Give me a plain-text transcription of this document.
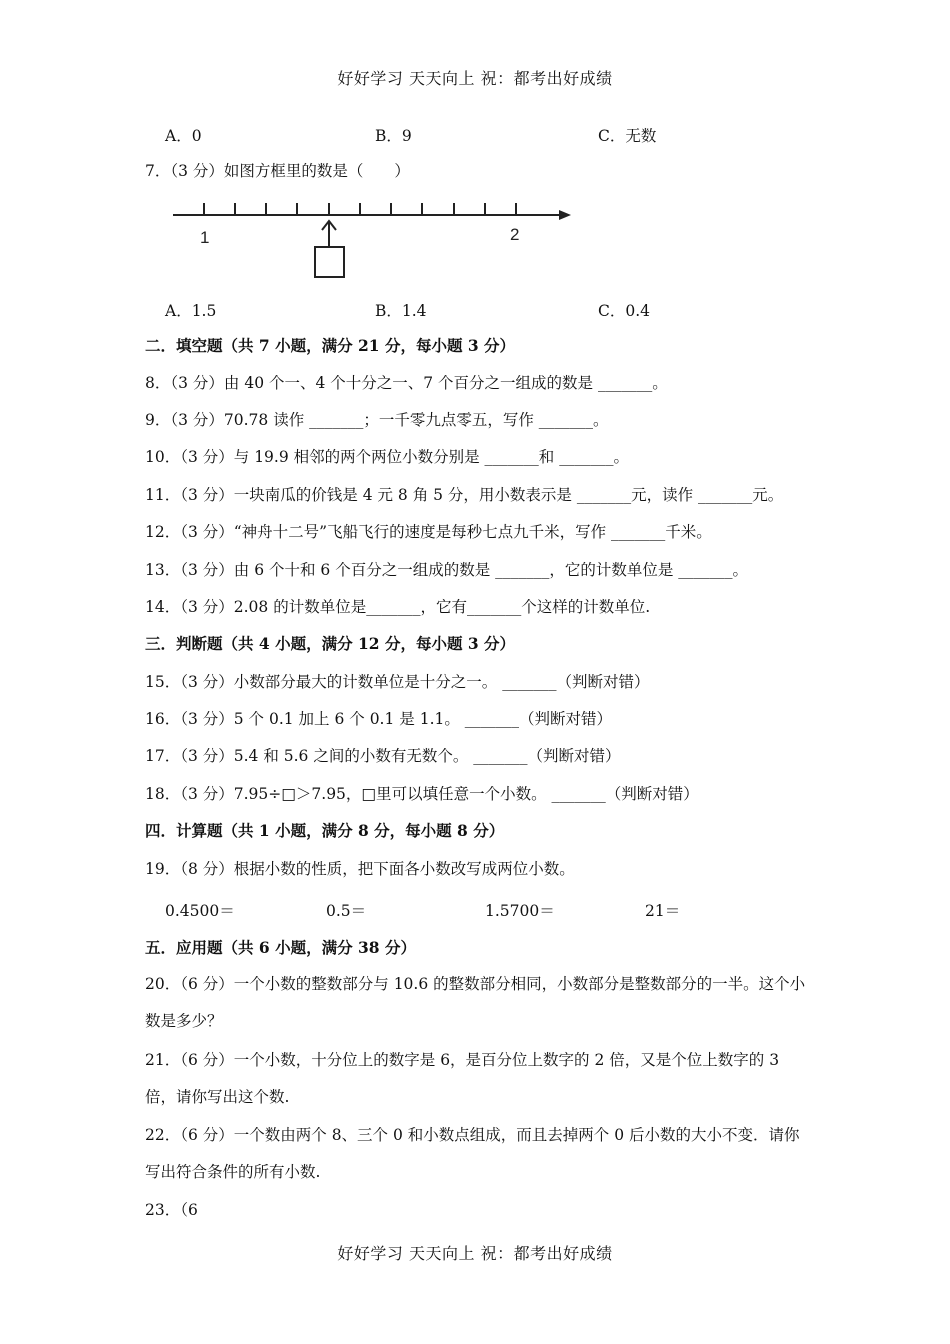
好好学习 天天向上 祝：都考出好成绩
A．0	B．9	C．无数
7．（3 分）如图方框里的数是（　　）
1	2
A．1.5	B．1.4	C．0.4
二．填空题（共 7 小题，满分 21 分，每小题 3 分）
8．（3 分）由 40 个一、4 个十分之一、7 个百分之一组成的数是 _______。
9．（3 分）70.78 读作 _______；一千零九点零五，写作 _______。
10．（3 分）与 19.9 相邻的两个两位小数分别是 _______和 _______。
11．（3 分）一块南瓜的价钱是 4 元 8 角 5 分，用小数表示是 _______元，读作 _______元。
12．（3 分）“神舟十二号”飞船飞行的速度是每秒七点九千米，写作 _______千米。
13．（3 分）由 6 个十和 6 个百分之一组成的数是 _______，它的计数单位是 _______。
14．（3 分）2.08 的计数单位是_______，它有_______个这样的计数单位.
三．判断题（共 4 小题，满分 12 分，每小题 3 分）
15．（3 分）小数部分最大的计数单位是十分之一。 _______（判断对错）
16．（3 分）5 个 0.1 加上 6 个 0.1 是 1.1。 _______（判断对错）
17．（3 分）5.4 和 5.6 之间的小数有无数个。 _______（判断对错）
18．（3 分）7.95÷□＞7.95，□里可以填任意一个小数。 _______（判断对错）
四．计算题（共 1 小题，满分 8 分，每小题 8 分）
19．（8 分）根据小数的性质，把下面各小数改写成两位小数。
0.4500＝	0.5＝	1.5700＝	21＝
五．应用题（共 6 小题，满分 38 分）
20．（6 分）一个小数的整数部分与 10.6 的整数部分相同，小数部分是整数部分的一半。这个小数是多少？
21．（6 分）一个小数，十分位上的数字是 6，是百分位上数字的 2 倍，又是个位上数字的 3 倍，请你写出这个数.
22．（6 分）一个数由两个 8、三个 0 和小数点组成，而且去掉两个 0 后小数的大小不变．请你写出符合条件的所有小数.
23．（6
好好学习 天天向上 祝：都考出好成绩
